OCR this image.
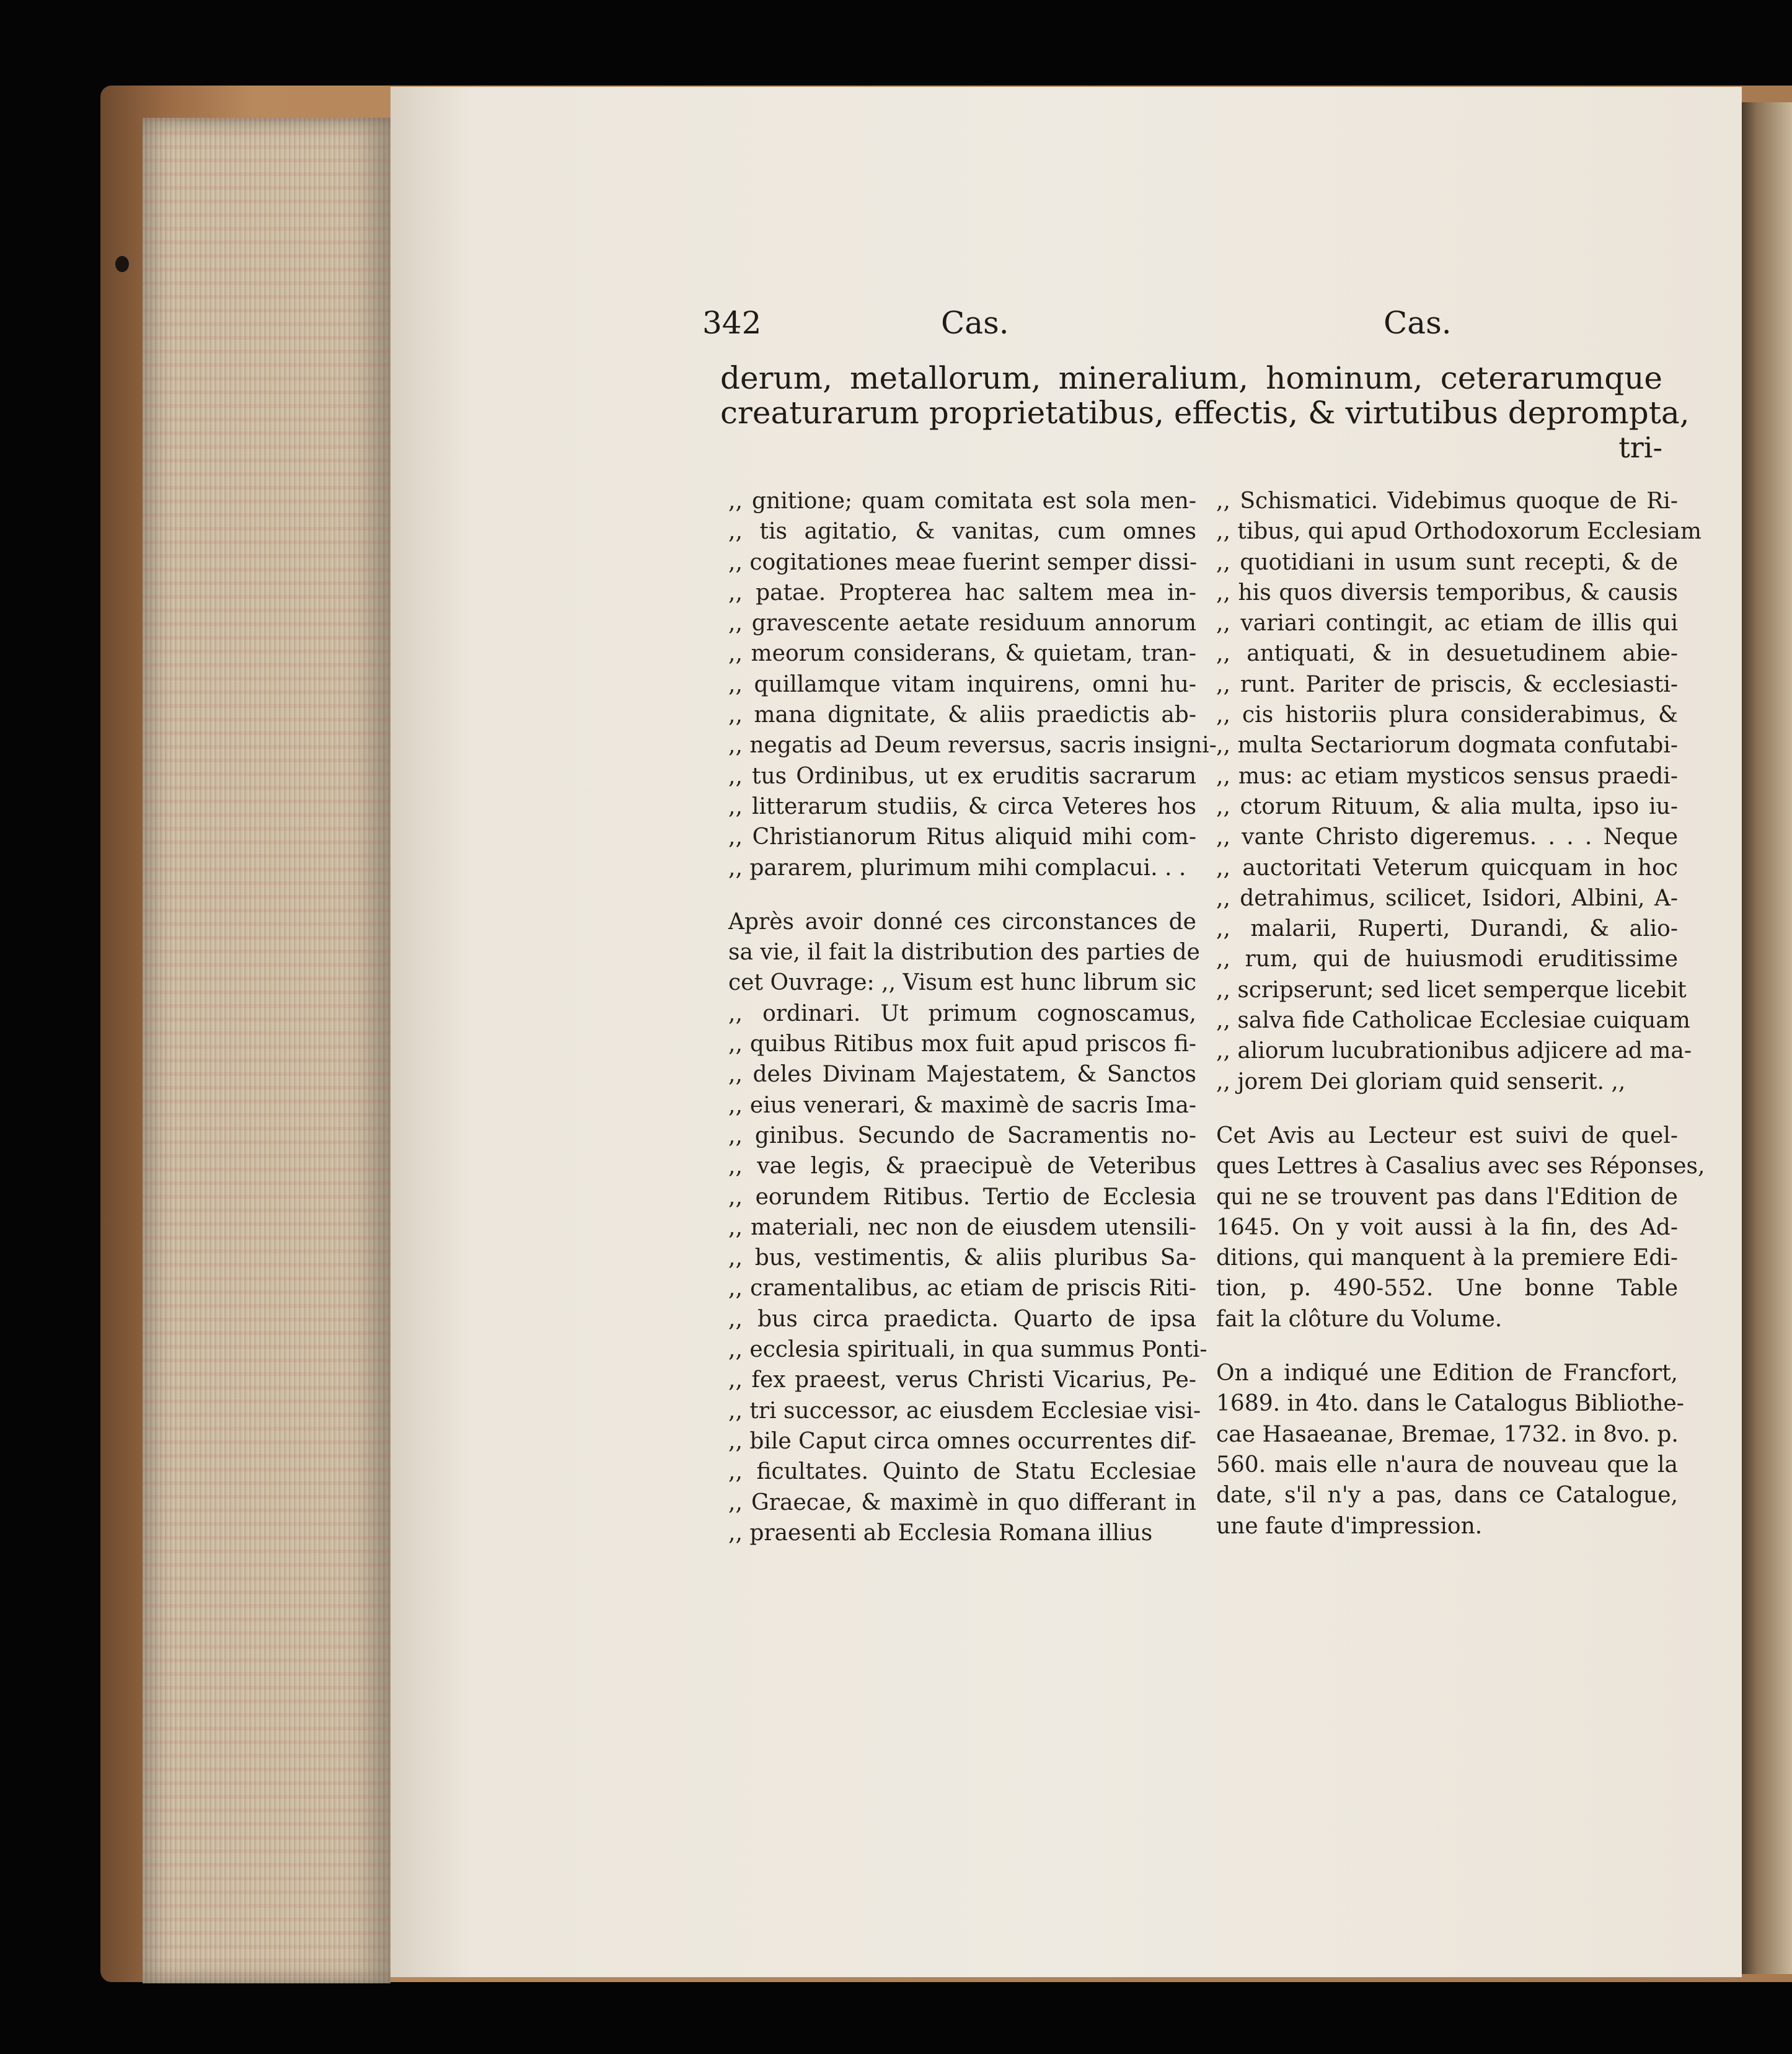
342	Cas.	Cas.
derum, metallorum, mineralium, hominum, ceterarumque
creaturarum proprietatibus, effectis, & virtutibus deprompta,
tri-
,, gnitione; quam comitata est sola men-
,, tis agitatio, & vanitas, cum omnes
,, cogitationes meae fuerint semper dissi-
,, patae. Propterea hac saltem mea in-
,, gravescente aetate residuum annorum
,, meorum considerans, & quietam, tran-
,, quillamque vitam inquirens, omni hu-
,, mana dignitate, & aliis praedictis ab-
,, negatis ad Deum reversus, sacris insigni-
,, tus Ordinibus, ut ex eruditis sacrarum
,, litterarum studiis, & circa Veteres hos
,, Christianorum Ritus aliquid mihi com-
,, pararem, plurimum mihi complacui. . .
Après avoir donné ces circonstances de
sa vie, il fait la distribution des parties de
cet Ouvrage: ,, Visum est hunc librum sic
,, ordinari. Ut primum cognoscamus,
,, quibus Ritibus mox fuit apud priscos fi-
,, deles Divinam Majestatem, & Sanctos
,, eius venerari, & maximè de sacris Ima-
,, ginibus. Secundo de Sacramentis no-
,, vae legis, & praecipuè de Veteribus
,, eorundem Ritibus. Tertio de Ecclesia
,, materiali, nec non de eiusdem utensili-
,, bus, vestimentis, & aliis pluribus Sa-
,, cramentalibus, ac etiam de priscis Riti-
,, bus circa praedicta. Quarto de ipsa
,, ecclesia spirituali, in qua summus Ponti-
,, fex praeest, verus Christi Vicarius, Pe-
,, tri successor, ac eiusdem Ecclesiae visi-
,, bile Caput circa omnes occurrentes dif-
,, ficultates. Quinto de Statu Ecclesiae
,, Graecae, & maximè in quo differant in
,, praesenti ab Ecclesia Romana illius
,, Schismatici. Videbimus quoque de Ri-
,, tibus, qui apud Orthodoxorum Ecclesiam
,, quotidiani in usum sunt recepti, & de
,, his quos diversis temporibus, & causis
,, variari contingit, ac etiam de illis qui
,, antiquati, & in desuetudinem abie-
,, runt. Pariter de priscis, & ecclesiasti-
,, cis historiis plura considerabimus, &
,, multa Sectariorum dogmata confutabi-
,, mus: ac etiam mysticos sensus praedi-
,, ctorum Rituum, & alia multa, ipso iu-
,, vante Christo digeremus. . . . Neque
,, auctoritati Veterum quicquam in hoc
,, detrahimus, scilicet, Isidori, Albini, A-
,, malarii, Ruperti, Durandi, & alio-
,, rum, qui de huiusmodi eruditissime
,, scripserunt; sed licet semperque licebit
,, salva fide Catholicae Ecclesiae cuiquam
,, aliorum lucubrationibus adjicere ad ma-
,, jorem Dei gloriam quid senserit. ,,
Cet Avis au Lecteur est suivi de quel-
ques Lettres à Casalius avec ses Réponses,
qui ne se trouvent pas dans l'Edition de
1645. On y voit aussi à la fin, des Ad-
ditions, qui manquent à la premiere Edi-
tion, p. 490-552. Une bonne Table
fait la clôture du Volume.
On a indiqué une Edition de Francfort,
1689. in 4to. dans le Catalogus Bibliothe-
cae Hasaeanae, Bremae, 1732. in 8vo. p.
560. mais elle n'aura de nouveau que la
date, s'il n'y a pas, dans ce Catalogue,
une faute d'impression.
